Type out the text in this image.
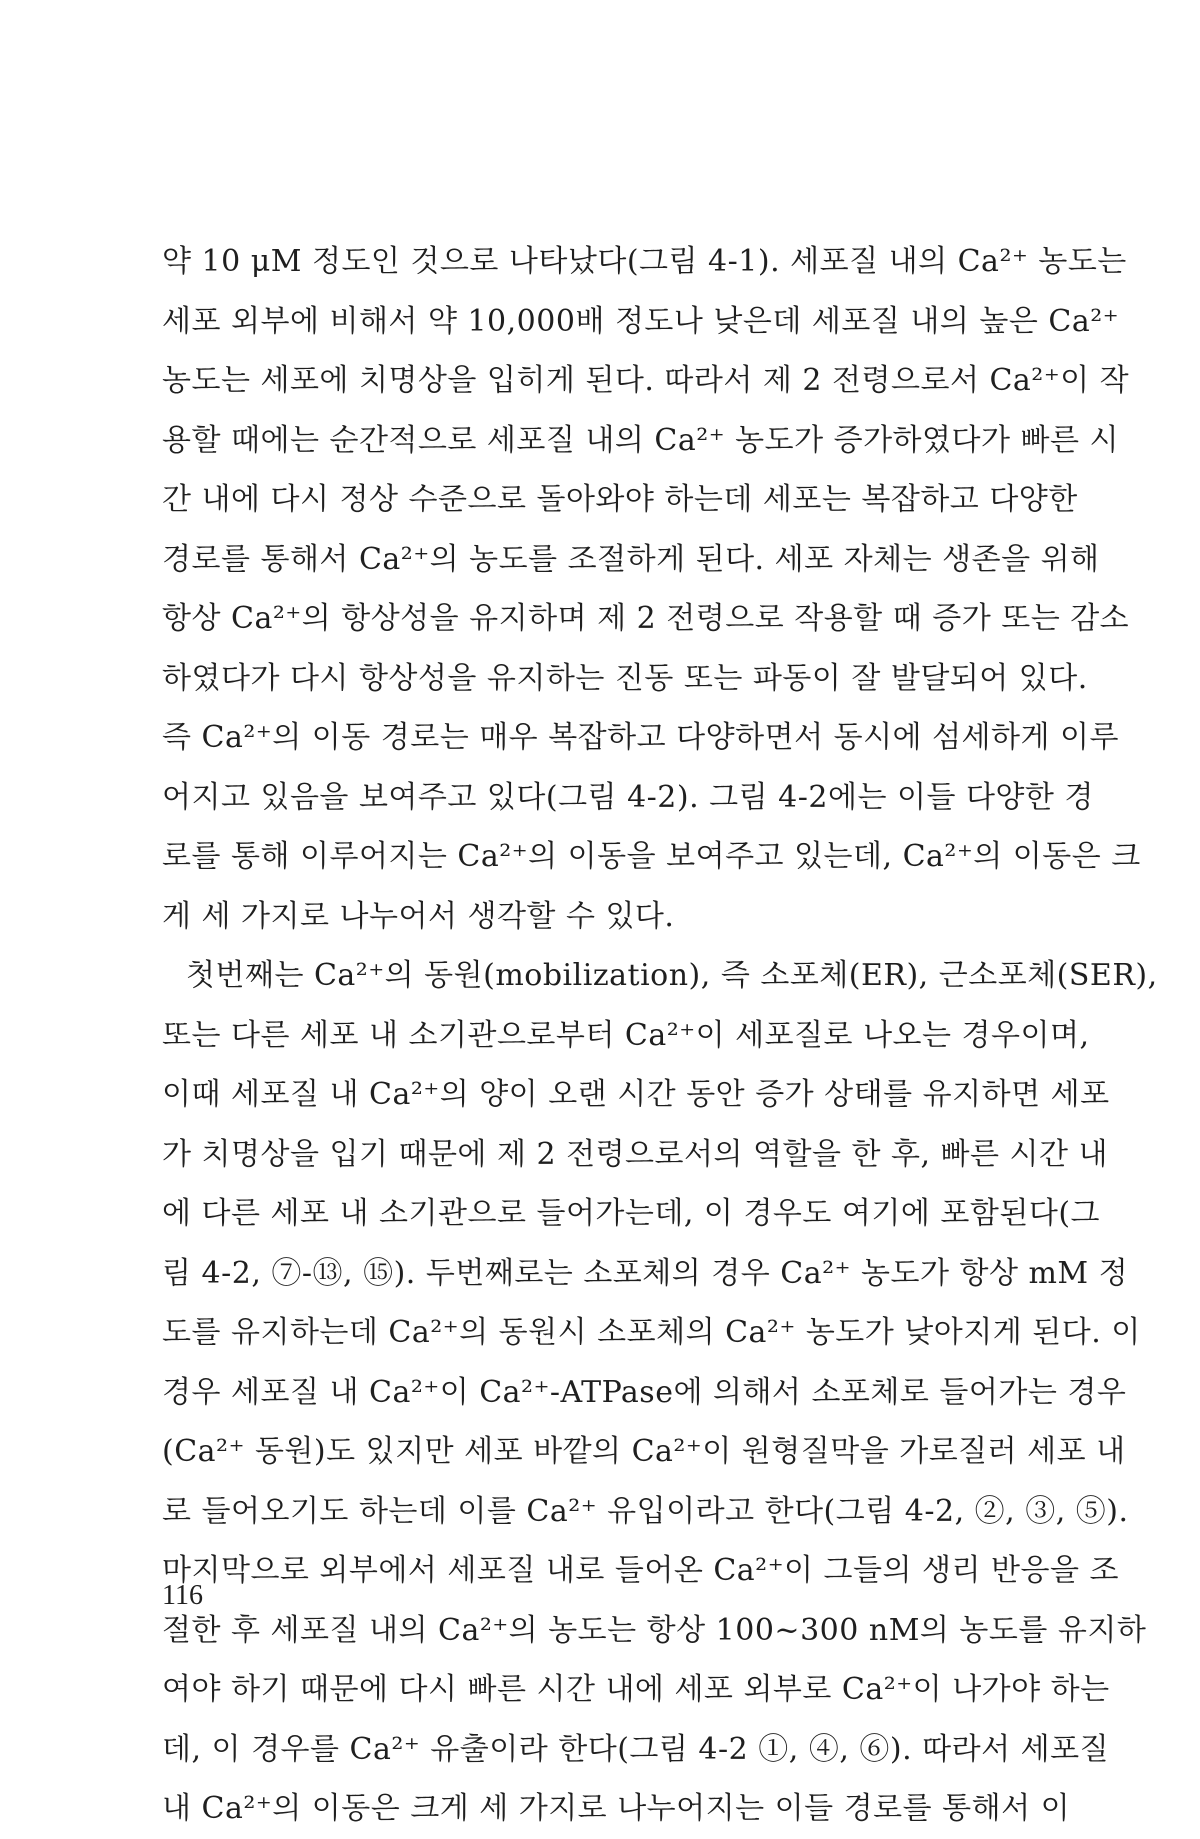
약 10 μM 정도인 것으로 나타났다(그림 4-1). 세포질 내의 Ca²⁺ 농도는
세포 외부에 비해서 약 10,000배 정도나 낮은데 세포질 내의 높은 Ca²⁺
농도는 세포에 치명상을 입히게 된다. 따라서 제 2 전령으로서 Ca²⁺이 작
용할 때에는 순간적으로 세포질 내의 Ca²⁺ 농도가 증가하였다가 빠른 시
간 내에 다시 정상 수준으로 돌아와야 하는데 세포는 복잡하고 다양한
경로를 통해서 Ca²⁺의 농도를 조절하게 된다. 세포 자체는 생존을 위해
항상 Ca²⁺의 항상성을 유지하며 제 2 전령으로 작용할 때 증가 또는 감소
하였다가 다시 항상성을 유지하는 진동 또는 파동이 잘 발달되어 있다.
즉 Ca²⁺의 이동 경로는 매우 복잡하고 다양하면서 동시에 섬세하게 이루
어지고 있음을 보여주고 있다(그림 4-2). 그림 4-2에는 이들 다양한 경
로를 통해 이루어지는 Ca²⁺의 이동을 보여주고 있는데, Ca²⁺의 이동은 크
게 세 가지로 나누어서 생각할 수 있다.
첫번째는 Ca²⁺의 동원(mobilization), 즉 소포체(ER), 근소포체(SER),
또는 다른 세포 내 소기관으로부터 Ca²⁺이 세포질로 나오는 경우이며,
이때 세포질 내 Ca²⁺의 양이 오랜 시간 동안 증가 상태를 유지하면 세포
가 치명상을 입기 때문에 제 2 전령으로서의 역할을 한 후, 빠른 시간 내
에 다른 세포 내 소기관으로 들어가는데, 이 경우도 여기에 포함된다(그
림 4-2, ⑦-⑬, ⑮). 두번째로는 소포체의 경우 Ca²⁺ 농도가 항상 mM 정
도를 유지하는데 Ca²⁺의 동원시 소포체의 Ca²⁺ 농도가 낮아지게 된다. 이
경우 세포질 내 Ca²⁺이 Ca²⁺-ATPase에 의해서 소포체로 들어가는 경우
(Ca²⁺ 동원)도 있지만 세포 바깥의 Ca²⁺이 원형질막을 가로질러 세포 내
로 들어오기도 하는데 이를 Ca²⁺ 유입이라고 한다(그림 4-2, ②, ③, ⑤).
마지막으로 외부에서 세포질 내로 들어온 Ca²⁺이 그들의 생리 반응을 조
절한 후 세포질 내의 Ca²⁺의 농도는 항상 100~300 nM의 농도를 유지하
여야 하기 때문에 다시 빠른 시간 내에 세포 외부로 Ca²⁺이 나가야 하는
데, 이 경우를 Ca²⁺ 유출이라 한다(그림 4-2 ①, ④, ⑥). 따라서 세포질
내 Ca²⁺의 이동은 크게 세 가지로 나누어지는 이들 경로를 통해서 이
116
